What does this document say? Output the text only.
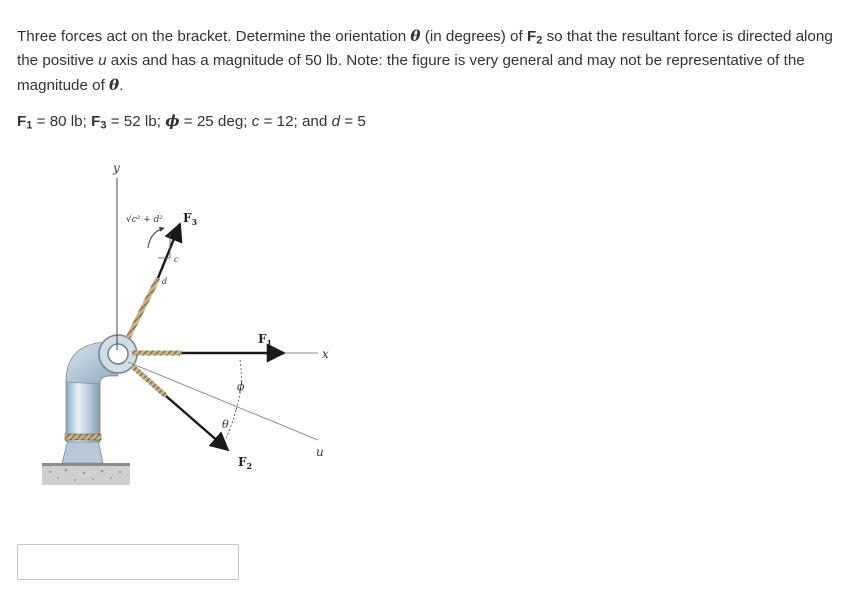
Three forces act on the bracket. Determine the orientation θ (in degrees) of $F_2$ so that the resultant force is directed along the positive u axis and has a magnitude of 50 lb. Note: the figure is very general and may not be representative of the magnitude of θ.

$F_1 = 80$ lb; $F_3 = 52$ lb; ϕ = 25 deg; c = 12; and d = 5
y
x
u
$F_3$
c
d
√c² + d²
$F_1$
$F_2$
ϕ
θ
